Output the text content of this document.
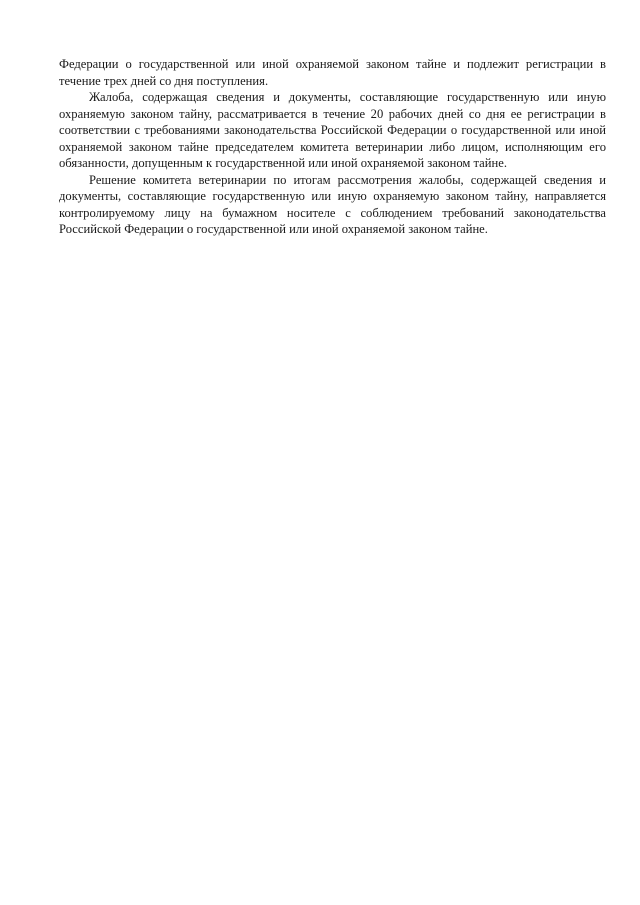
Федерации о государственной или иной охраняемой законом тайне и подлежит регистрации в течение трех дней со дня поступления.

Жалоба, содержащая сведения и документы, составляющие государственную или иную охраняемую законом тайну, рассматривается в течение 20 рабочих дней со дня ее регистрации в соответствии с требованиями законодательства Российской Федерации о государственной или иной охраняемой законом тайне председателем комитета ветеринарии либо лицом, исполняющим его обязанности, допущенным к государственной или иной охраняемой законом тайне.

Решение комитета ветеринарии по итогам рассмотрения жалобы, содержащей сведения и документы, составляющие государственную или иную охраняемую законом тайну, направляется контролируемому лицу на бумажном носителе с соблюдением требований законодательства Российской Федерации о государственной или иной охраняемой законом тайне.
